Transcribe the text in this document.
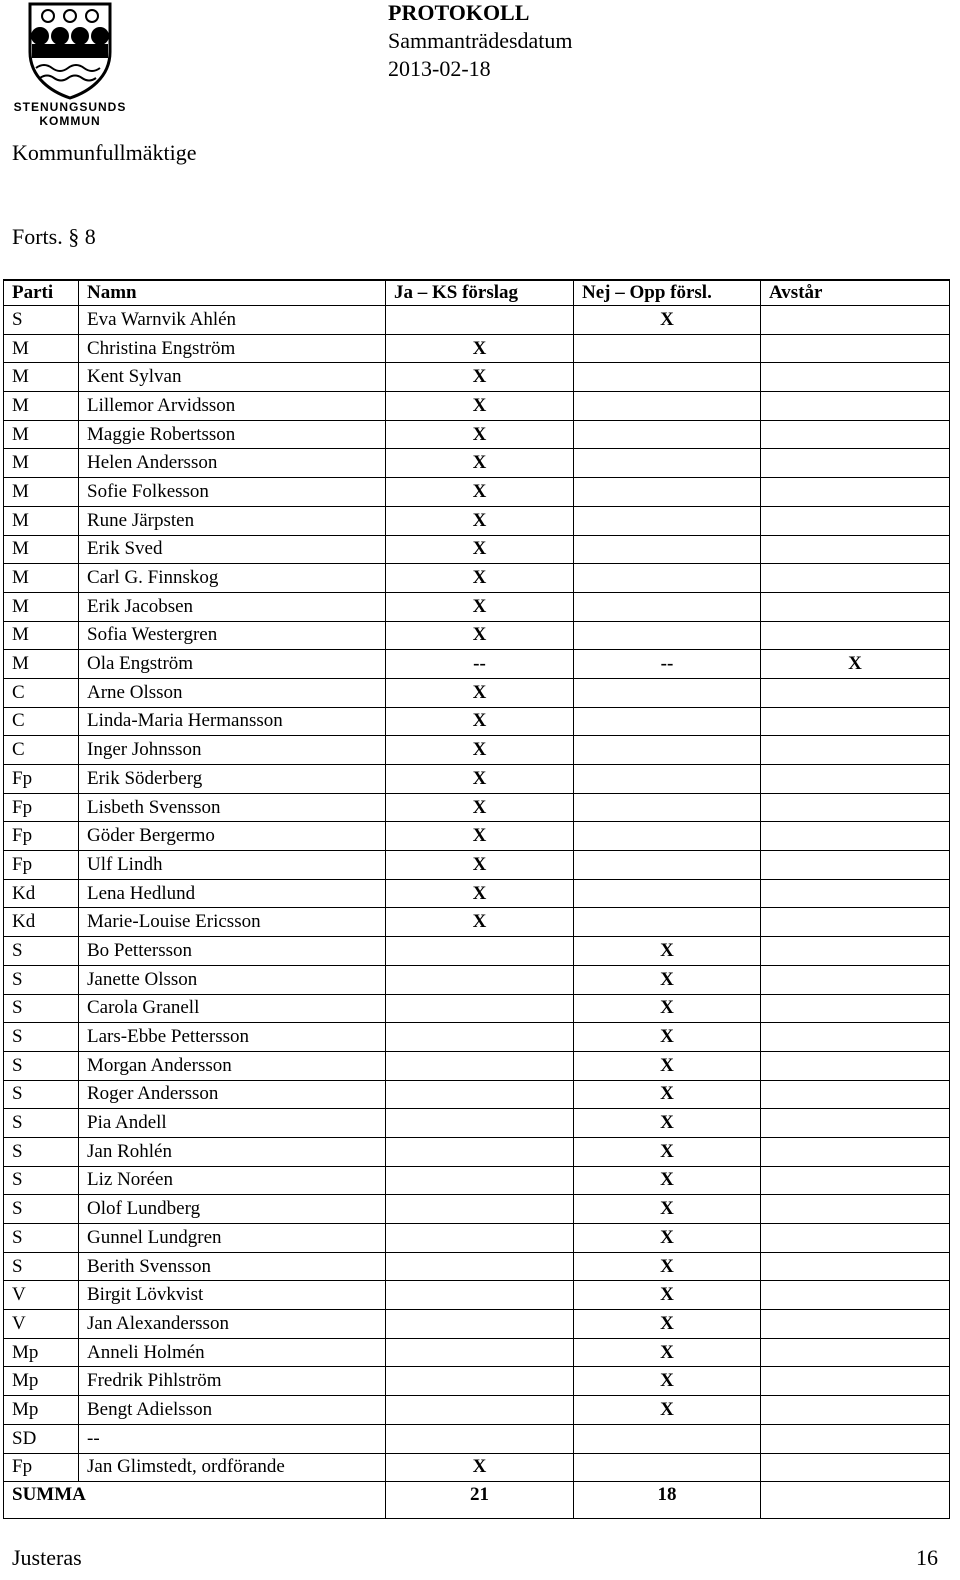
STENUNGSUNDS
KOMMUN
PROTOKOLL
Sammanträdesdatum
2013-02-18
Kommunfullmäktige
Forts. § 8
Parti	Namn	Ja – KS förslag	Nej – Opp försl.	Avstår
S	Eva Warnvik Ahlén		X	
M	Christina Engström	X		
M	Kent Sylvan	X		
M	Lillemor Arvidsson	X		
M	Maggie Robertsson	X		
M	Helen Andersson	X		
M	Sofie Folkesson	X		
M	Rune Järpsten	X		
M	Erik Sved	X		
M	Carl G. Finnskog	X		
M	Erik Jacobsen	X		
M	Sofia Westergren	X		
M	Ola Engström	--	--	X
C	Arne Olsson	X		
C	Linda-Maria Hermansson	X		
C	Inger Johnsson	X		
Fp	Erik Söderberg	X		
Fp	Lisbeth Svensson	X		
Fp	Göder Bergermo	X		
Fp	Ulf Lindh	X		
Kd	Lena Hedlund	X		
Kd	Marie-Louise Ericsson	X		
S	Bo Pettersson		X	
S	Janette Olsson		X	
S	Carola Granell		X	
S	Lars-Ebbe Pettersson		X	
S	Morgan Andersson		X	
S	Roger Andersson		X	
S	Pia Andell		X	
S	Jan Rohlén		X	
S	Liz Noréen		X	
S	Olof Lundberg		X	
S	Gunnel Lundgren		X	
S	Berith Svensson		X	
V	Birgit Lövkvist		X	
V	Jan Alexandersson		X	
Mp	Anneli Holmén		X	
Mp	Fredrik Pihlström		X	
Mp	Bengt Adielsson		X	
SD	--			
Fp	Jan Glimstedt, ordförande	X		
SUMMA		21	18	
Justeras	16
